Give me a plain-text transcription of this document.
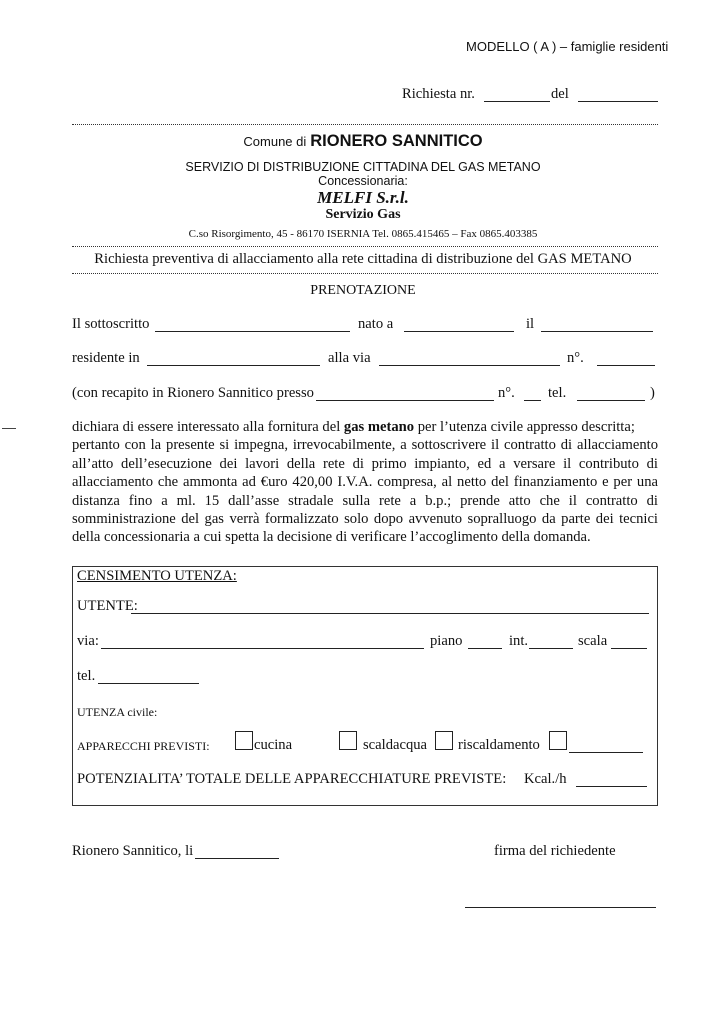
MODELLO ( A ) – famiglie residenti
Richiesta nr.	del
Comune di RIONERO SANNITICO
SERVIZIO DI DISTRIBUZIONE CITTADINA DEL GAS METANO
Concessionaria:
MELFI S.r.l.
Servizio Gas
C.so Risorgimento, 45 - 86170 ISERNIA Tel. 0865.415465 – Fax 0865.403385
Richiesta preventiva di allacciamento alla rete cittadina di distribuzione del GAS METANO
PRENOTAZIONE
Il sottoscritto	nato a	il
residente in	alla via	n°.
(con recapito in Rionero Sannitico presso	n°. tel.	)
dichiara di essere interessato alla fornitura del gas metano per l’utenza civile appresso descritta;
pertanto con la presente si impegna, irrevocabilmente, a sottoscrivere il contratto di allacciamento all’atto dell’esecuzione dei lavori della rete di primo impianto, ed a versare il contributo di allacciamento che ammonta ad €uro 420,00 I.V.A. compresa, al netto del finanziamento e per una distanza fino a ml. 15 dall’asse stradale sulla rete a b.p.; prende atto che il contratto di somministrazione del gas verrà formalizzato solo dopo avvenuto sopralluogo da parte dei tecnici della concessionaria a cui spetta la decisione di verificare l’accoglimento della domanda.
CENSIMENTO UTENZA:
UTENTE:
via:	piano	int.	scala
tel.
UTENZA civile:
APPARECCHI PREVISTI:	cucina	scaldacqua riscaldamento
POTENZIALITA’ TOTALE DELLE APPARECCHIATURE PREVISTE: Kcal./h
Rionero Sannitico, li	firma del richiedente
